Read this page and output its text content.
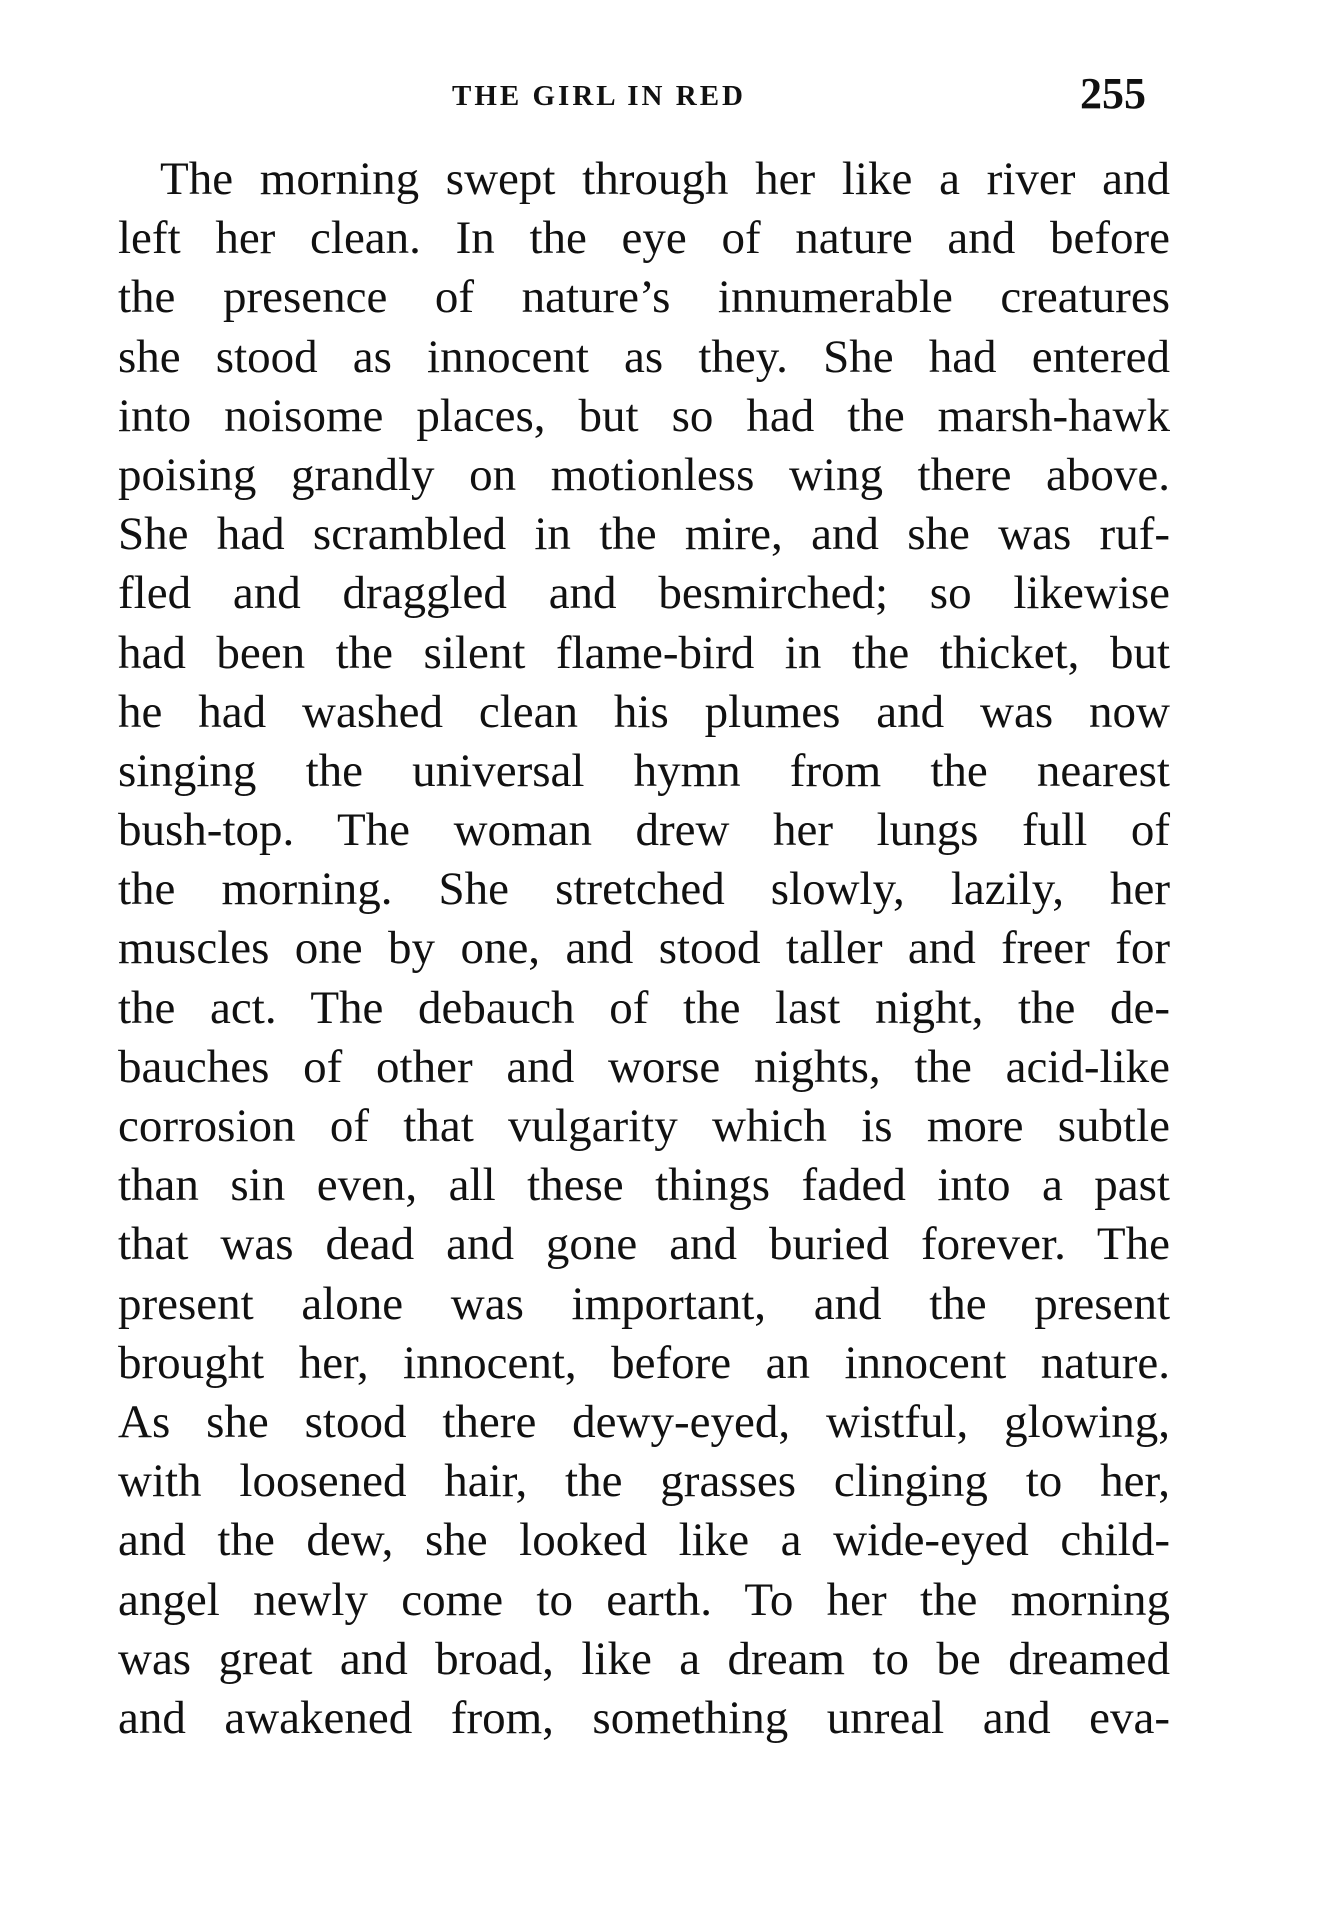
THE GIRL IN RED	255
The morning swept through her like a river and
left her clean. In the eye of nature and before
the presence of nature’s innumerable creatures
she stood as innocent as they. She had entered
into noisome places, but so had the marsh-hawk
poising grandly on motionless wing there above.
She had scrambled in the mire, and she was ruf-
fled and draggled and besmirched; so likewise
had been the silent flame-bird in the thicket, but
he had washed clean his plumes and was now
singing the universal hymn from the nearest
bush-top. The woman drew her lungs full of
the morning. She stretched slowly, lazily, her
muscles one by one, and stood taller and freer for
the act. The debauch of the last night, the de-
bauches of other and worse nights, the acid-like
corrosion of that vulgarity which is more subtle
than sin even, all these things faded into a past
that was dead and gone and buried forever. The
present alone was important, and the present
brought her, innocent, before an innocent nature.
As she stood there dewy-eyed, wistful, glowing,
with loosened hair, the grasses clinging to her,
and the dew, she looked like a wide-eyed child-
angel newly come to earth. To her the morning
was great and broad, like a dream to be dreamed
and awakened from, something unreal and eva-
